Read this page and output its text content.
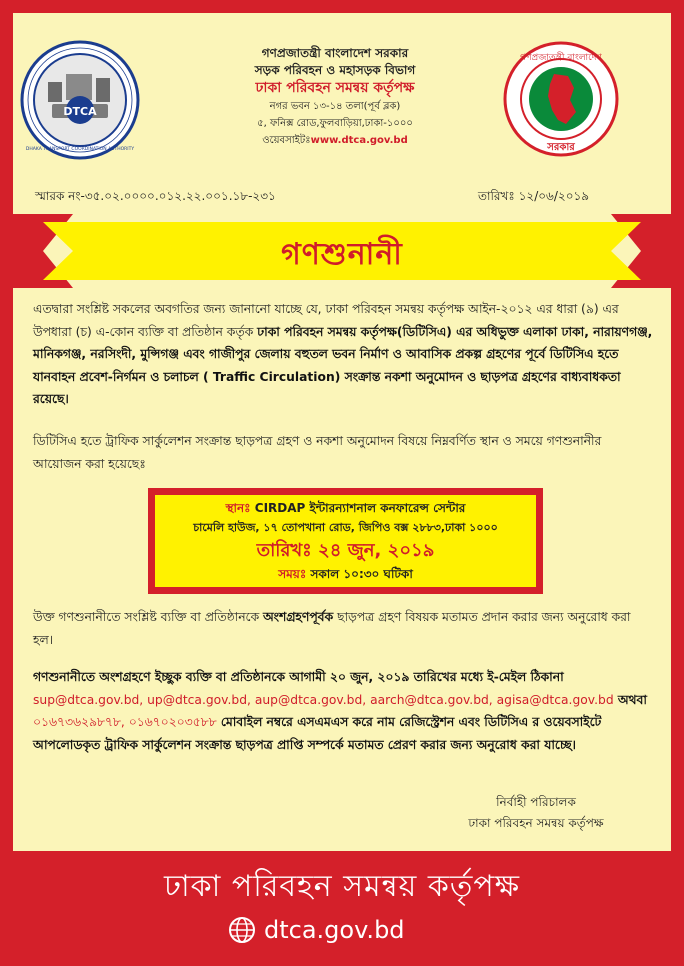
DTCA
DHAKA TRANSPORT COORDINATION AUTHORITY
গণপ্রজাতন্ত্রী বাংলাদেশ
সরকার
গণপ্রজাতন্ত্রী বাংলাদেশ সরকার
সড়ক পরিবহন ও মহাসড়ক বিভাগ
ঢাকা পরিবহন সমন্বয় কর্তৃপক্ষ
নগর ভবন ১৩-১৪ তলা(পূর্ব ব্লক)
৫, ফনিক্স রোড,ফুলবাড়িয়া,ঢাকা-১০০০
ওয়েবসাইটঃwww.dtca.gov.bd
স্মারক নং-৩৫.০২.০০০০.০১২.২২.০০১.১৮-২৩১	তারিখঃ ১২/০৬/২০১৯
গণশুনানী
এতদ্বারা সংশ্লিষ্ট সকলের অবগতির জন্য জানানো যাচ্ছে যে, ঢাকা পরিবহন সমন্বয় কর্তৃপক্ষ আইন-২০১২ এর ধারা (৯) এর উপধারা (চ) এ-কোন ব্যক্তি বা প্রতিষ্ঠান কর্তৃক ঢাকা পরিবহন সমন্বয় কর্তৃপক্ষ(ডিটিসিএ) এর অধিভুক্ত এলাকা ঢাকা, নারায়ণগঞ্জ, মানিকগঞ্জ, নরসিংদী, মুন্সিগঞ্জ এবং গাজীপুর জেলায় বহুতল ভবন নির্মাণ ও আবাসিক প্রকল্প গ্রহণের পূর্বে ডিটিসিএ হতে যানবাহন প্রবেশ-নির্গমন ও চলাচল ( Traffic Circulation) সংক্রান্ত নকশা অনুমোদন ও ছাড়পত্র গ্রহণের বাধ্যবাধকতা রয়েছে।
ডিটিসিএ হতে ট্রাফিক সার্কুলেশন সংক্রান্ত ছাড়পত্র গ্রহণ ও নকশা অনুমোদন বিষয়ে নিম্নবর্ণিত স্থান ও সময়ে গণশুনানীর আয়োজন করা হয়েছেঃ
স্থানঃ CIRDAP ইন্টারন্যাশনাল কনফারেন্স সেন্টার
চামেলি হাউজ, ১৭ তোপখানা রোড, জিপিও বক্স ২৮৮৩,ঢাকা ১০০০
তারিখঃ ২৪ জুন, ২০১৯
সময়ঃ সকাল ১০:৩০ ঘটিকা
উক্ত গণশুনানীতে সংশ্লিষ্ট ব্যক্তি বা প্রতিষ্ঠানকে অংশগ্রহণপূর্বক ছাড়পত্র গ্রহণ বিষয়ক মতামত প্রদান করার জন্য অনুরোধ করা হল।
গণশুনানীতে অংশগ্রহণে ইচ্ছুক ব্যক্তি বা প্রতিষ্ঠানকে আগামী ২০ জুন, ২০১৯ তারিখের মধ্যে ই-মেইল ঠিকানা sup@dtca.gov.bd, up@dtca.gov.bd, aup@dtca.gov.bd, aarch@dtca.gov.bd, agisa@dtca.gov.bd অথবা ০১৬৭৩৬২৯৮৭৮, ০১৬৭০২০৩৫৮৮ মোবাইল নম্বরে এসএমএস করে নাম রেজিস্ট্রেশন এবং ডিটিসিএ র ওয়েবসাইটে আপলোডকৃত ট্রাফিক সার্কুলেশন সংক্রান্ত ছাড়পত্র প্রাপ্তি সম্পর্কে মতামত প্রেরণ করার জন্য অনুরোধ করা যাচ্ছে।
নির্বাহী পরিচালক
ঢাকা পরিবহন সমন্বয় কর্তৃপক্ষ
ঢাকা পরিবহন সমন্বয় কর্তৃপক্ষ
dtca.gov.bd
